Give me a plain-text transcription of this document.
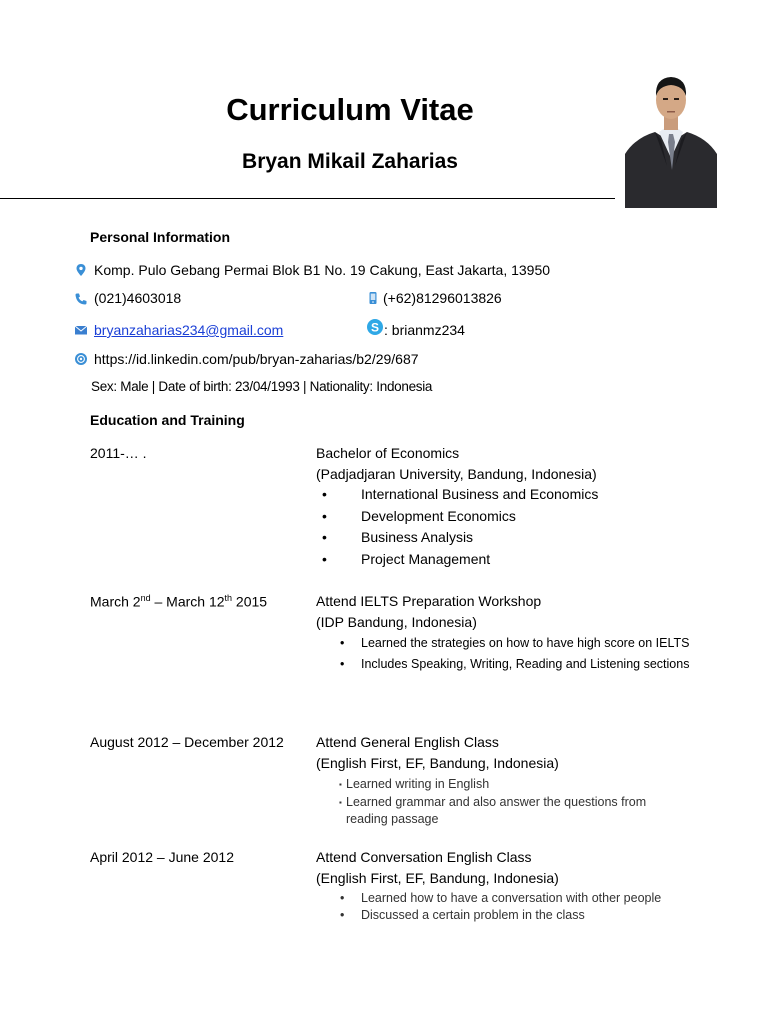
Curriculum Vitae
Bryan Mikail Zaharias
Personal Information
Komp. Pulo Gebang Permai Blok B1 No. 19 Cakung, East Jakarta, 13950
(021)4603018	(+62)81296013826
bryanzaharias234@gmail.com	S : brianmz234
https://id.linkedin.com/pub/bryan-zaharias/b2/29/687
Sex: Male | Date of birth: 23/04/1993 | Nationality: Indonesia
Education and Training
2011-… .	Bachelor of Economics
(Padjadjaran University, Bandung, Indonesia)
• International Business and Economics
• Development Economics
• Business Analysis
• Project Management
March 2nd – March 12th 2015	Attend IELTS Preparation Workshop
(IDP Bandung, Indonesia)
• Learned the strategies on how to have high score on IELTS
• Includes Speaking, Writing, Reading and Listening sections
August 2012 – December 2012 Attend General English Class
(English First, EF, Bandung, Indonesia)
▪ Learned writing in English
▪ Learned grammar and also answer the questions from reading passage
April 2012 – June 2012	Attend Conversation English Class
(English First, EF, Bandung, Indonesia)
• Learned how to have a conversation with other people
• Discussed a certain problem in the class
